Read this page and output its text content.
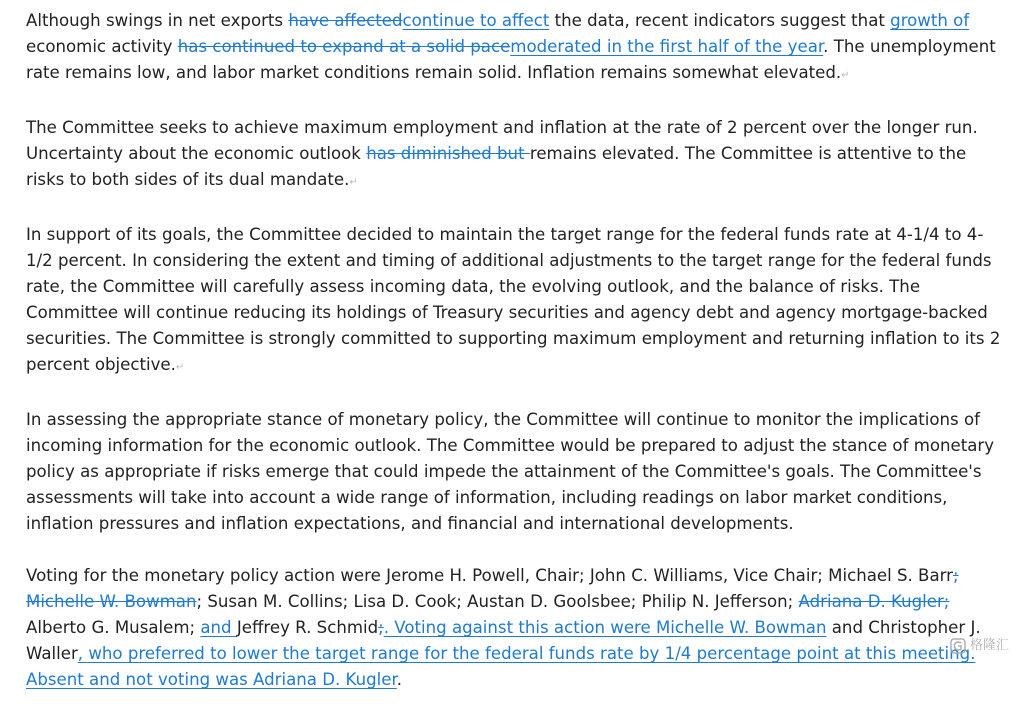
Although swings in net exports have affectedcontinue to affect the data, recent indicators suggest that growth of economic activity has continued to expand at a solid pacemoderated in the first half of the year. The unemployment rate remains low, and labor market conditions remain solid. Inflation remains somewhat elevated.↵

The Committee seeks to achieve maximum employment and inflation at the rate of 2 percent over the longer run. Uncertainty about the economic outlook has diminished but remains elevated. The Committee is attentive to the risks to both sides of its dual mandate.↵

In support of its goals, the Committee decided to maintain the target range for the federal funds rate at 4-1/4 to 4-1/2 percent. In considering the extent and timing of additional adjustments to the target range for the federal funds rate, the Committee will carefully assess incoming data, the evolving outlook, and the balance of risks. The Committee will continue reducing its holdings of Treasury securities and agency debt and agency mortgage-backed securities. The Committee is strongly committed to supporting maximum employment and returning inflation to its 2 percent objective.↵

In assessing the appropriate stance of monetary policy, the Committee will continue to monitor the implications of incoming information for the economic outlook. The Committee would be prepared to adjust the stance of monetary policy as appropriate if risks emerge that could impede the attainment of the Committee's goals. The Committee's assessments will take into account a wide range of information, including readings on labor market conditions, inflation pressures and inflation expectations, and financial and international developments.

Voting for the monetary policy action were Jerome H. Powell, Chair; John C. Williams, Vice Chair; Michael S. Barr; Michelle W. Bowman; Susan M. Collins; Lisa D. Cook; Austan D. Goolsbee; Philip N. Jefferson; Adriana D. Kugler; Alberto G. Musalem; and Jeffrey R. Schmid;. Voting against this action were Michelle W. Bowman and Christopher J. Waller, who preferred to lower the target range for the federal funds rate by 1/4 percentage point at this meeting. Absent and not voting was Adriana D. Kugler.

格隆汇
